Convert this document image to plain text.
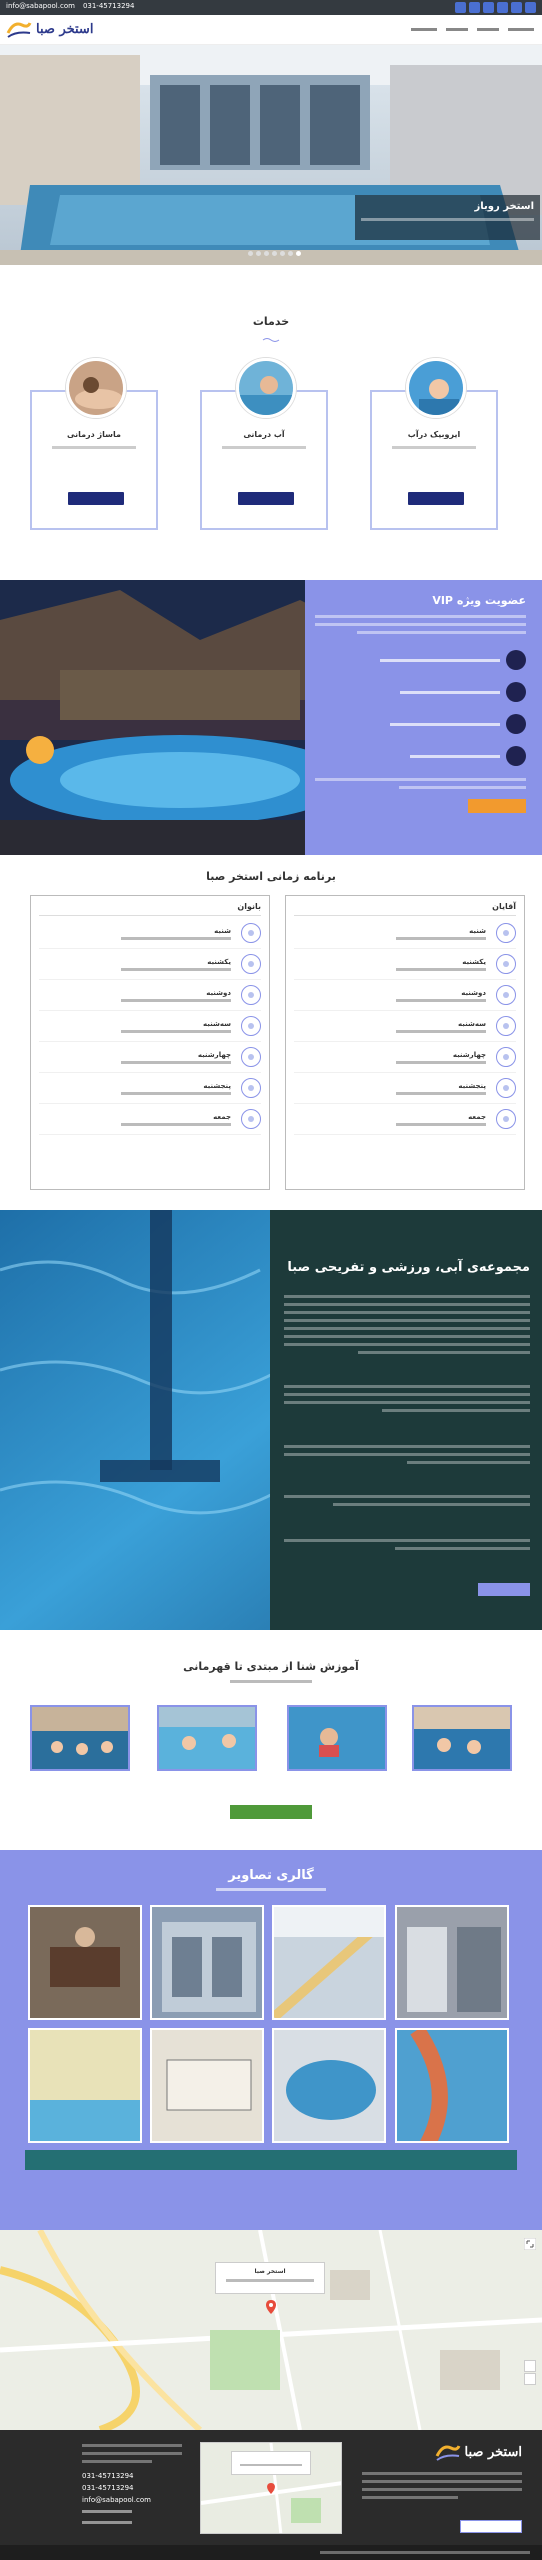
info@sabapool.com 031-45713294
استخر صبا
استخر روباز

خدمات
ایروبیک درآب
آب درمانی
ماساژ درمانی
عضویت ویژه VIP
برنامه زمانی استخر صبا
آقایان
شنبه
یکشنبه
دوشنبه
سه‌شنبه
چهارشنبه
پنجشنبه
جمعه
بانوان
شنبه
یکشنبه
دوشنبه
سه‌شنبه
چهارشنبه
پنجشنبه
جمعه
مجموعه‌ی آبی، ورزشی و تفریحی صبا
آموزش شنا از مبتدی تا قهرمانی
گالری تصاویر
استخر صبا
استخر صبا
استخر صبا
031-45713294
031-45713294
info@sabapool.com
